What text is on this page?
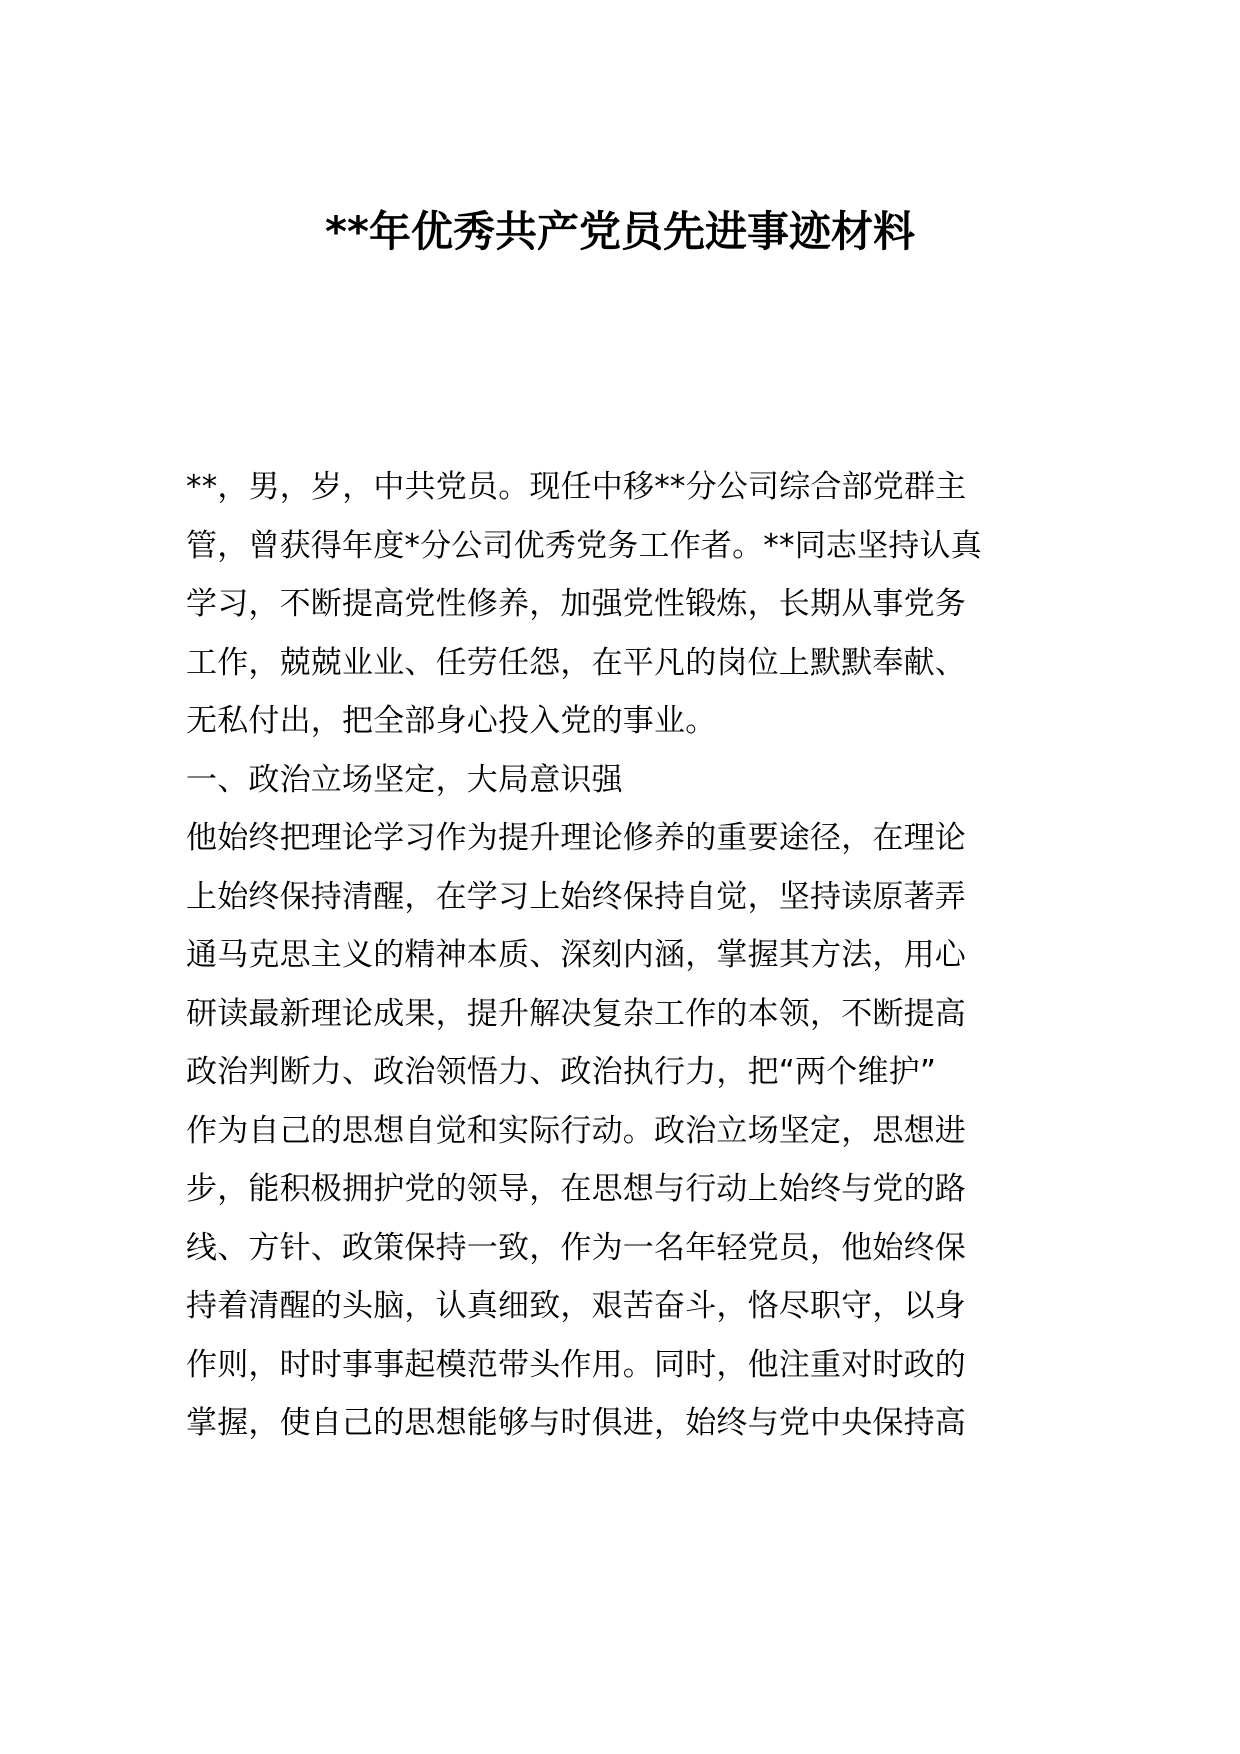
**年优秀共产党员先进事迹材料
**，男，岁，中共党员。现任中移**分公司综合部党群主
管，曾获得年度*分公司优秀党务工作者。**同志坚持认真
学习，不断提高党性修养，加强党性锻炼，长期从事党务
工作，兢兢业业、任劳任怨，在平凡的岗位上默默奉献、
无私付出，把全部身心投入党的事业。
一、政治立场坚定，大局意识强
他始终把理论学习作为提升理论修养的重要途径，在理论
上始终保持清醒，在学习上始终保持自觉，坚持读原著弄
通马克思主义的精神本质、深刻内涵，掌握其方法，用心
研读最新理论成果，提升解决复杂工作的本领，不断提高
政治判断力、政治领悟力、政治执行力，把“两个维护”
作为自己的思想自觉和实际行动。政治立场坚定，思想进
步，能积极拥护党的领导，在思想与行动上始终与党的路
线、方针、政策保持一致，作为一名年轻党员，他始终保
持着清醒的头脑，认真细致，艰苦奋斗，恪尽职守，以身
作则，时时事事起模范带头作用。同时，他注重对时政的
掌握，使自己的思想能够与时俱进，始终与党中央保持高
